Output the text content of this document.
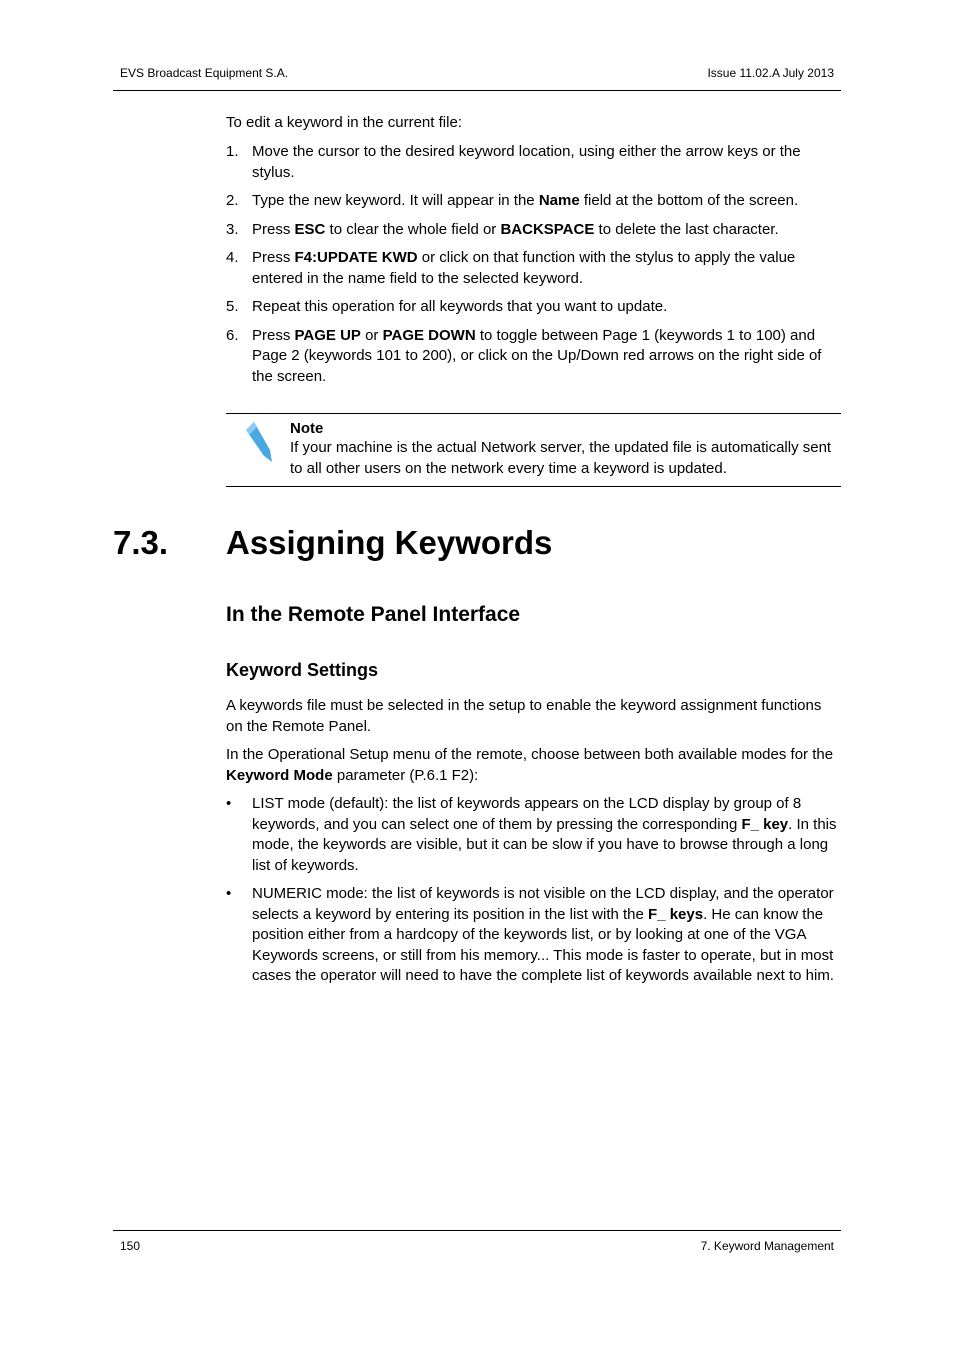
EVS Broadcast Equipment S.A.	Issue 11.02.A July 2013
To edit a keyword in the current file:
1. Move the cursor to the desired keyword location, using either the arrow keys or the stylus.
2. Type the new keyword. It will appear in the Name field at the bottom of the screen.
3. Press ESC to clear the whole field or BACKSPACE to delete the last character.
4. Press F4:UPDATE KWD or click on that function with the stylus to apply the value entered in the name field to the selected keyword.
5. Repeat this operation for all keywords that you want to update.
6. Press PAGE UP or PAGE DOWN to toggle between Page 1 (keywords 1 to 100) and Page 2 (keywords 101 to 200), or click on the Up/Down red arrows on the right side of the screen.
Note
If your machine is the actual Network server, the updated file is automatically sent to all other users on the network every time a keyword is updated.
7.3. Assigning Keywords
In the Remote Panel Interface
Keyword Settings
A keywords file must be selected in the setup to enable the keyword assignment functions on the Remote Panel.
In the Operational Setup menu of the remote, choose between both available modes for the Keyword Mode parameter (P.6.1 F2):
• LIST mode (default): the list of keywords appears on the LCD display by group of 8 keywords, and you can select one of them by pressing the corresponding F_ key. In this mode, the keywords are visible, but it can be slow if you have to browse through a long list of keywords.
• NUMERIC mode: the list of keywords is not visible on the LCD display, and the operator selects a keyword by entering its position in the list with the F_ keys. He can know the position either from a hardcopy of the keywords list, or by looking at one of the VGA Keywords screens, or still from his memory... This mode is faster to operate, but in most cases the operator will need to have the complete list of keywords available next to him.
150	7. Keyword Management
